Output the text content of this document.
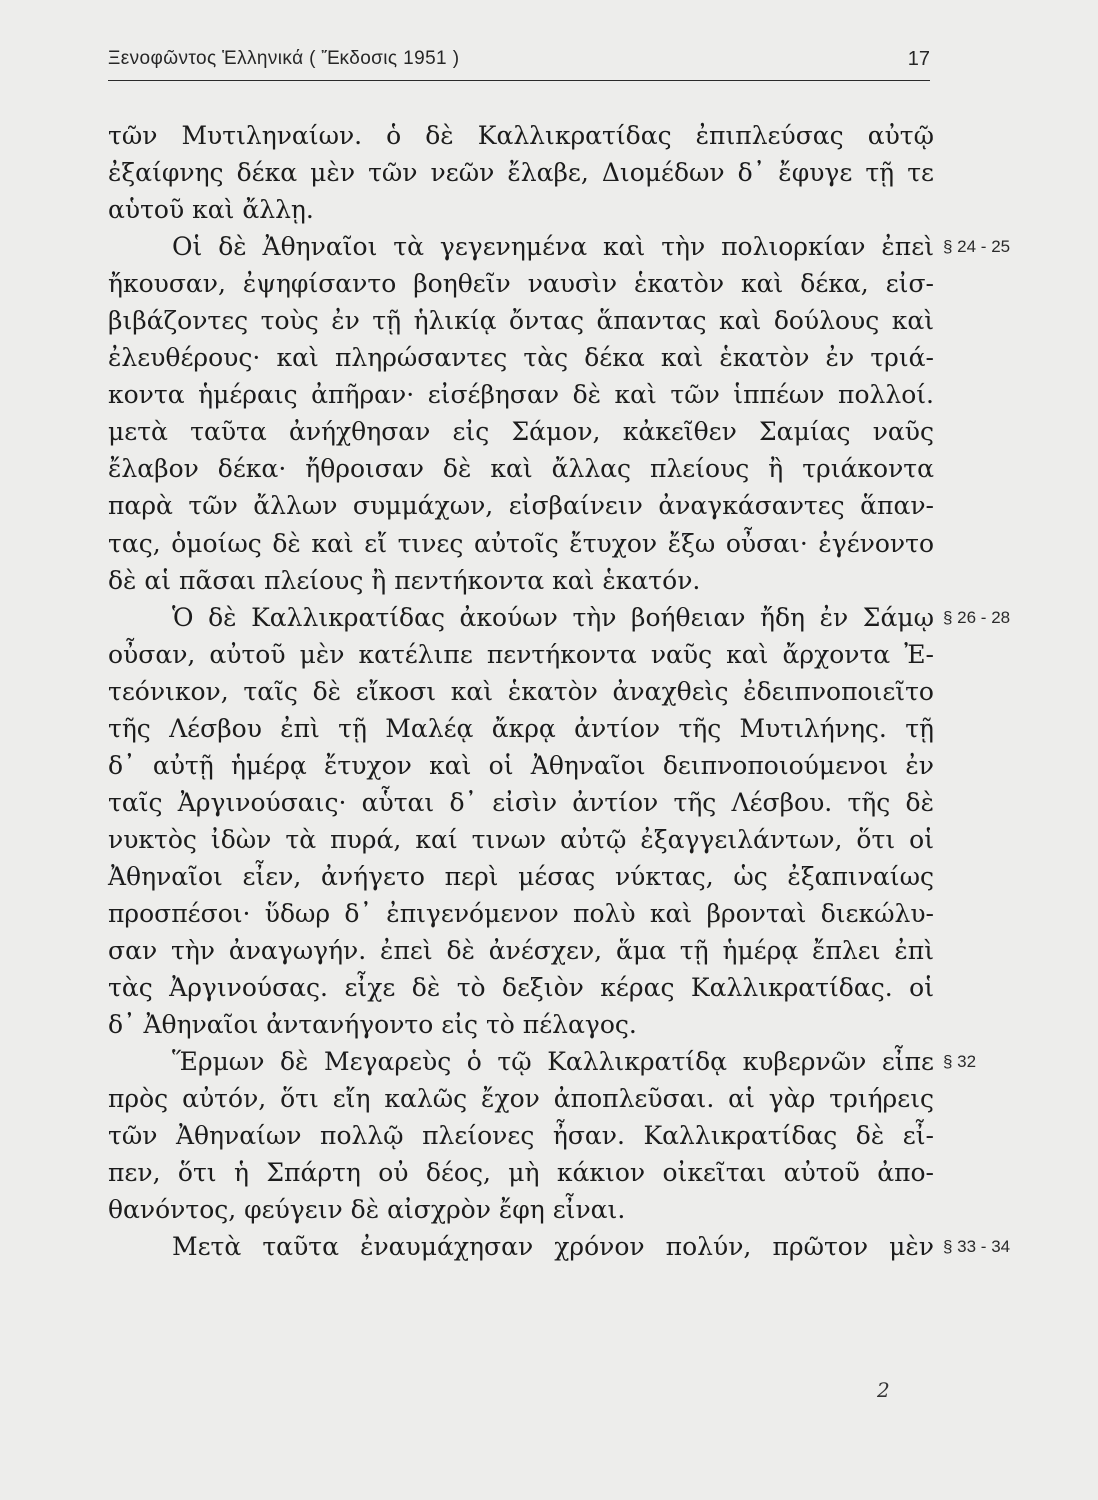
Ξενοφῶντος Ἑλληνικά ( Ἔκδοσις 1951 )	17
τῶν Μυτιληναίων. ὁ δὲ Καλλικρατίδας ἐπιπλεύσας αὐτῷ
ἐξαίφνης δέκα μὲν τῶν νεῶν ἔλαβε, Διομέδων δ᾽ ἔφυγε τῇ τε
αὑτοῦ καὶ ἄλλῃ.
Οἱ δὲ Ἀθηναῖοι τὰ γεγενημένα καὶ τὴν πολιορκίαν ἐπεὶ § 24 - 25
ἤκουσαν, ἐψηφίσαντο βοηθεῖν ναυσὶν ἑκατὸν καὶ δέκα, εἰσ-
βιβάζοντες τοὺς ἐν τῇ ἡλικίᾳ ὄντας ἅπαντας καὶ δούλους καὶ
ἐλευθέρους· καὶ πληρώσαντες τὰς δέκα καὶ ἑκατὸν ἐν τριά-
κοντα ἡμέραις ἀπῆραν· εἰσέβησαν δὲ καὶ τῶν ἱππέων πολλοί.
μετὰ ταῦτα ἀνήχθησαν εἰς Σάμον, κἀκεῖθεν Σαμίας ναῦς
ἔλαβον δέκα· ἤθροισαν δὲ καὶ ἄλλας πλείους ἢ τριάκοντα
παρὰ τῶν ἄλλων συμμάχων, εἰσβαίνειν ἀναγκάσαντες ἅπαν-
τας, ὁμοίως δὲ καὶ εἴ τινες αὐτοῖς ἔτυχον ἔξω οὖσαι· ἐγένοντο
δὲ αἱ πᾶσαι πλείους ἢ πεντήκοντα καὶ ἑκατόν.
Ὁ δὲ Καλλικρατίδας ἀκούων τὴν βοήθειαν ἤδη ἐν Σάμῳ § 26 - 28
οὖσαν, αὐτοῦ μὲν κατέλιπε πεντήκοντα ναῦς καὶ ἄρχοντα Ἐ-
τεόνικον, ταῖς δὲ εἴκοσι καὶ ἑκατὸν ἀναχθεὶς ἐδειπνοποιεῖτο
τῆς Λέσβου ἐπὶ τῇ Μαλέᾳ ἄκρᾳ ἀντίον τῆς Μυτιλήνης. τῇ
δ᾽ αὐτῇ ἡμέρᾳ ἔτυχον καὶ οἱ Ἀθηναῖοι δειπνοποιούμενοι ἐν
ταῖς Ἀργινούσαις· αὗται δ᾽ εἰσὶν ἀντίον τῆς Λέσβου. τῆς δὲ
νυκτὸς ἰδὼν τὰ πυρά, καί τινων αὐτῷ ἐξαγγειλάντων, ὅτι οἱ
Ἀθηναῖοι εἶεν, ἀνήγετο περὶ μέσας νύκτας, ὡς ἐξαπιναίως
προσπέσοι· ὕδωρ δ᾽ ἐπιγενόμενον πολὺ καὶ βρονταὶ διεκώλυ-
σαν τὴν ἀναγωγήν. ἐπεὶ δὲ ἀνέσχεν, ἅμα τῇ ἡμέρᾳ ἔπλει ἐπὶ
τὰς Ἀργινούσας. εἶχε δὲ τὸ δεξιὸν κέρας Καλλικρατίδας. οἱ
δ᾽ Ἀθηναῖοι ἀντανήγοντο εἰς τὸ πέλαγος.
Ἕρμων δὲ Μεγαρεὺς ὁ τῷ Καλλικρατίδᾳ κυβερνῶν εἶπε § 32
πρὸς αὐτόν, ὅτι εἴη καλῶς ἔχον ἀποπλεῦσαι. αἱ γὰρ τριήρεις
τῶν Ἀθηναίων πολλῷ πλείονες ἦσαν. Καλλικρατίδας δὲ εἶ-
πεν, ὅτι ἡ Σπάρτη οὐ δέος, μὴ κάκιον οἰκεῖται αὐτοῦ ἀπο-
θανόντος, φεύγειν δὲ αἰσχρὸν ἔφη εἶναι.
Μετὰ ταῦτα ἐναυμάχησαν χρόνον πολύν, πρῶτον μὲν § 33 - 34
2
